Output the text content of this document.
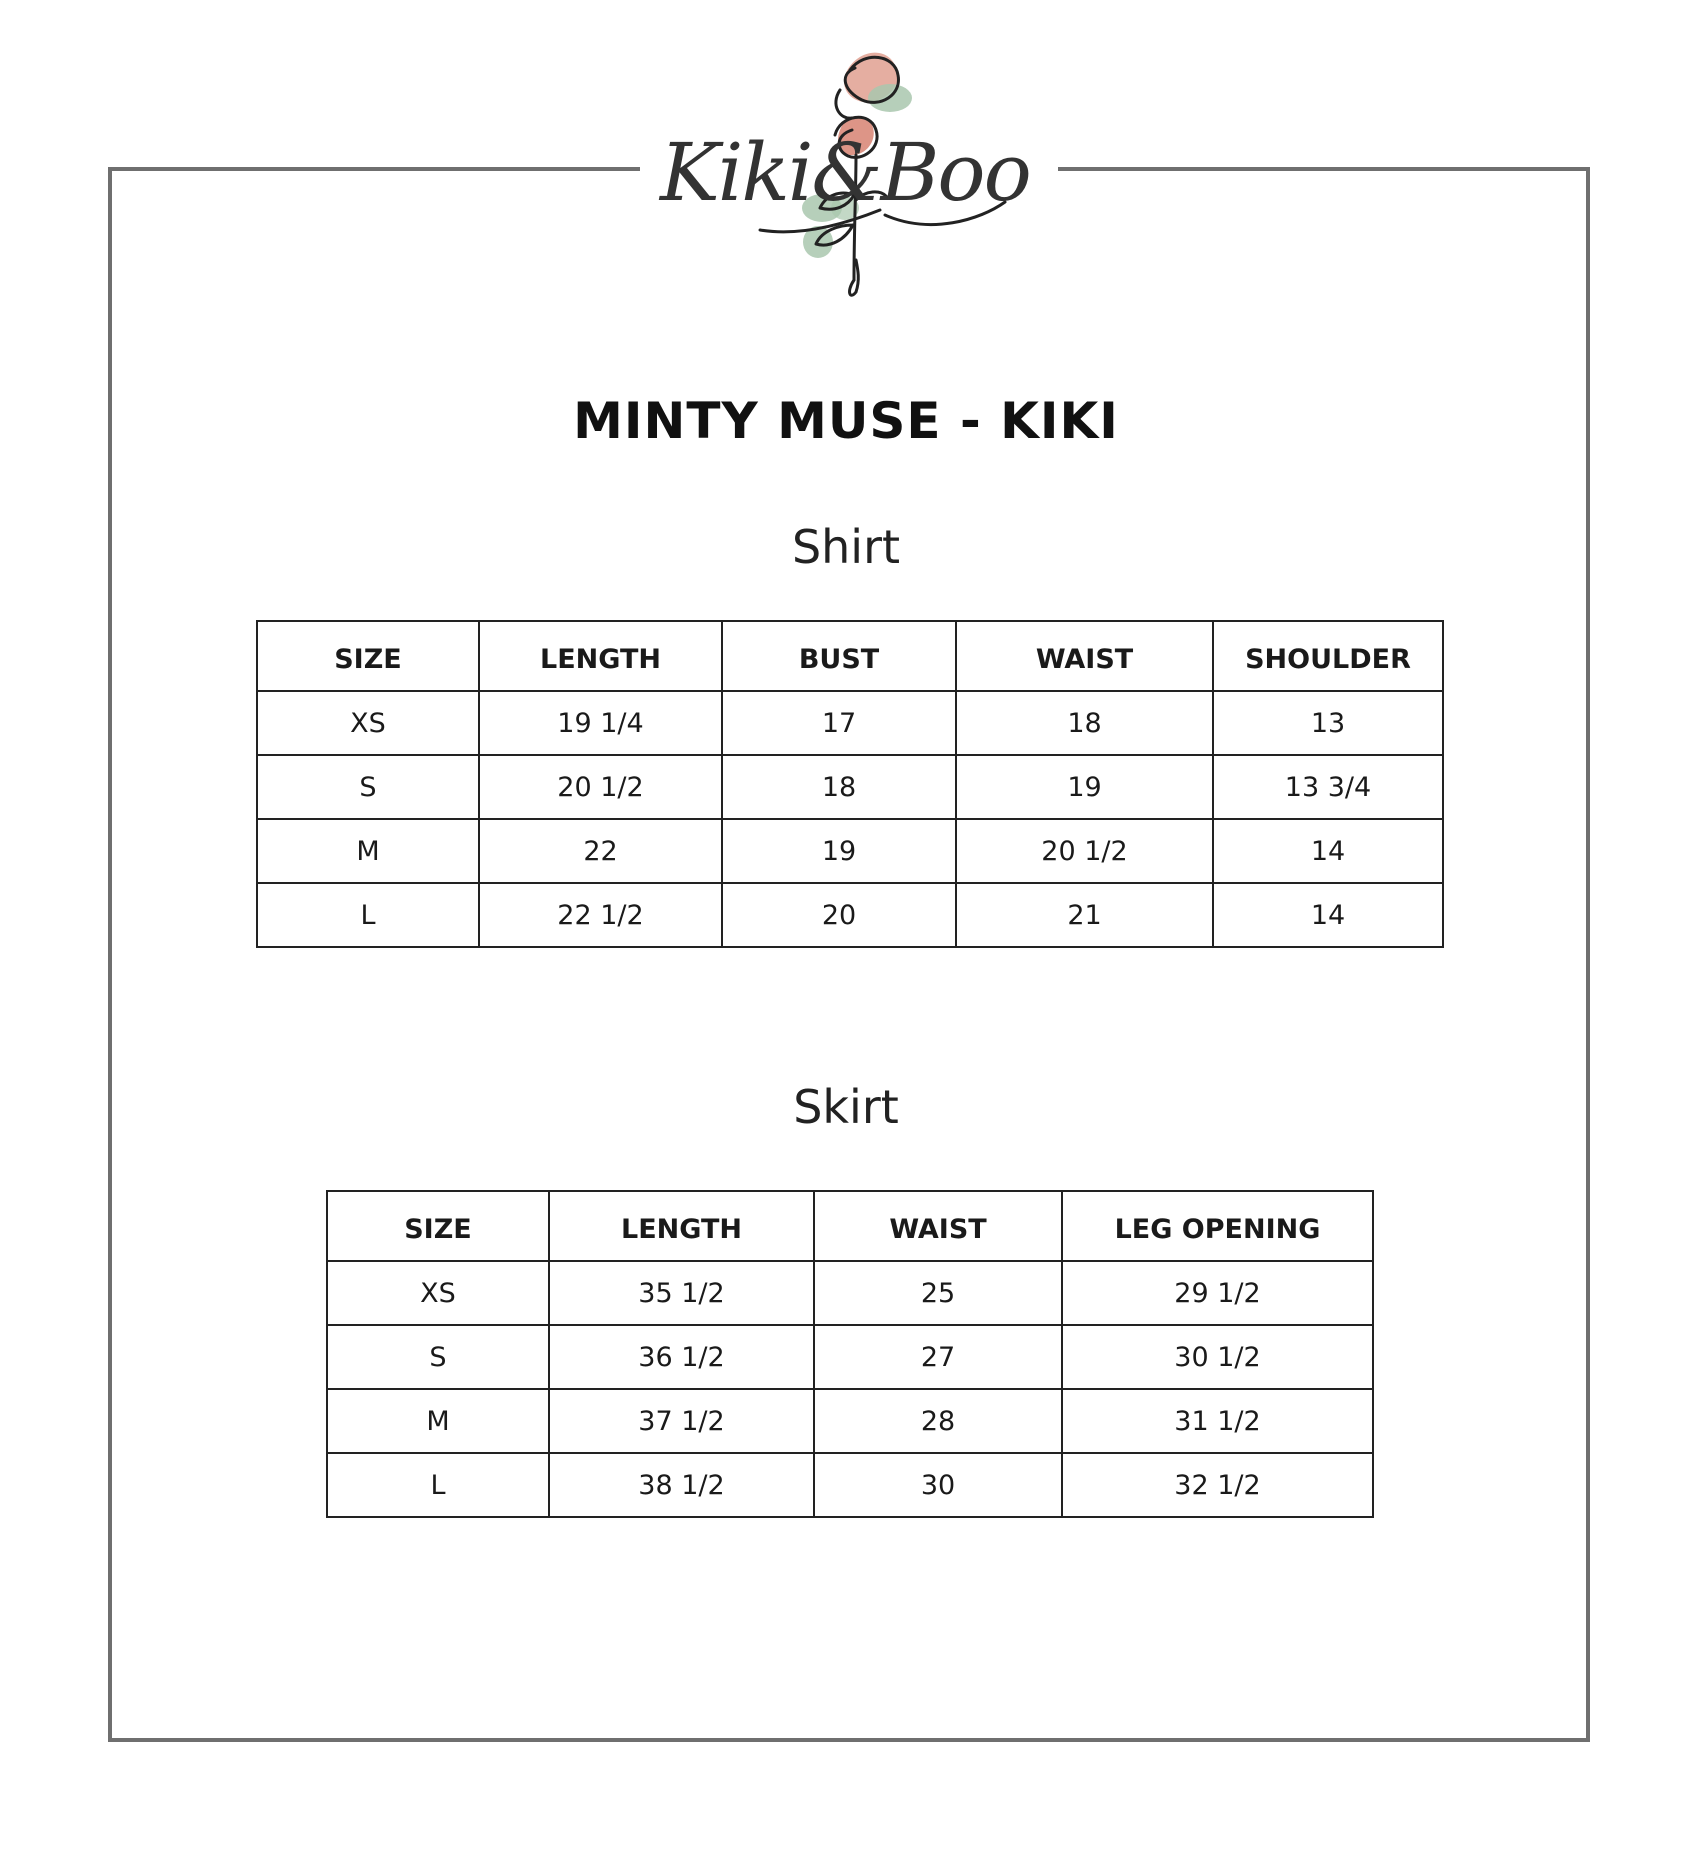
Kiki&Boo
MINTY MUSE - KIKI
Shirt
SIZE	LENGTH	BUST	WAIST	SHOULDER
XS	19 1/4	17	18	13
S	20 1/2	18	19	13 3/4
M	22	19	20 1/2	14
L	22 1/2	20	21	14
Skirt
SIZE	LENGTH	WAIST	LEG OPENING
XS	35 1/2	25	29 1/2
S	36 1/2	27	30 1/2
M	37 1/2	28	31 1/2
L	38 1/2	30	32 1/2
